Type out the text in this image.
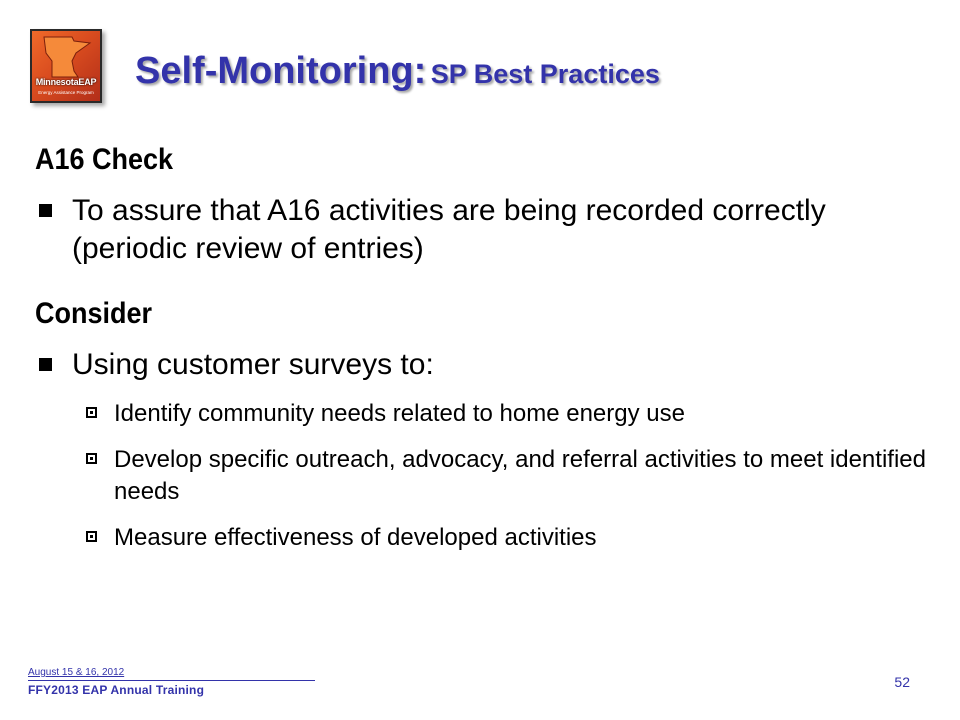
MinnesotaEAP
Energy Assistance Program
Self-Monitoring: SP Best Practices
A16 Check
To assure that A16 activities are being recorded correctly (periodic review of entries)
Consider
Using customer surveys to:
Identify community needs related to home energy use
Develop specific outreach, advocacy, and referral activities to meet identified needs
Measure effectiveness of developed activities
August 15 & 16, 2012
FFY2013 EAP Annual Training	52
